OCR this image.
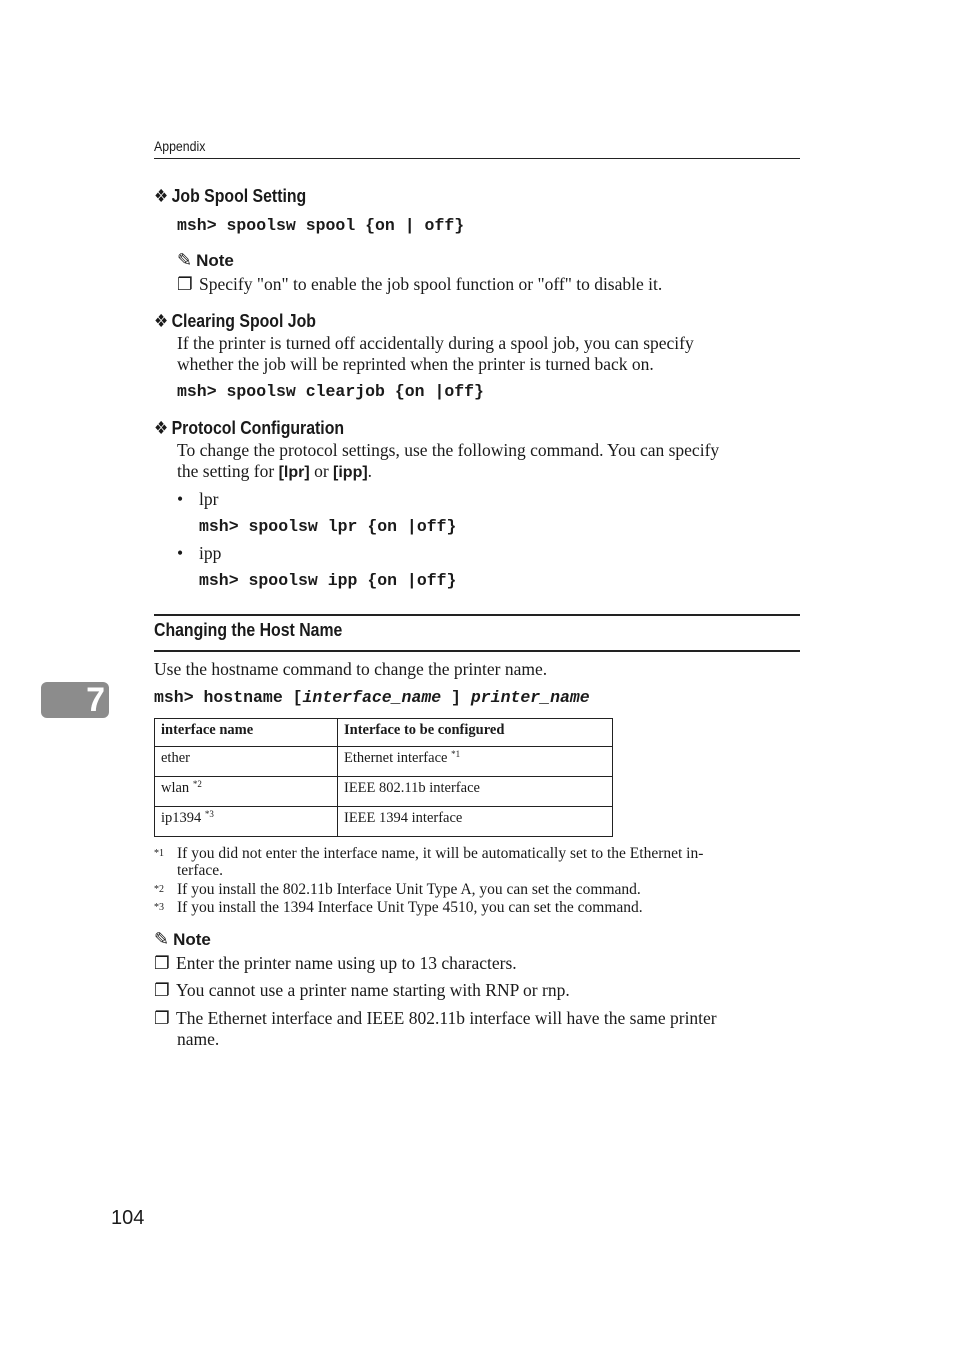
Appendix
❖ Job Spool Setting
msh> spoolsw spool {on | off}
✎ Note
❐ Specify "on" to enable the job spool function or "off" to disable it.
❖ Clearing Spool Job
If the printer is turned off accidentally during a spool job, you can specify
whether the job will be reprinted when the printer is turned back on.
msh> spoolsw clearjob {on |off}
❖ Protocol Configuration
To change the protocol settings, use the following command. You can specify
the setting for [lpr] or [ipp].
• lpr
msh> spoolsw lpr {on |off}
• ipp
msh> spoolsw ipp {on |off}
Changing the Host Name
7
Use the hostname command to change the printer name.
msh> hostname [interface_name ] printer_name
interface name	Interface to be configured
ether	Ethernet interface $^{*1}$
wlan $^{*2}$	IEEE 802.11b interface
ip1394 $^{*3}$	IEEE 1394 interface
*1 If you did not enter the interface name, it will be automatically set to the Ethernet in-
terface.
*2 If you install the 802.11b Interface Unit Type A, you can set the command.
*3 If you install the 1394 Interface Unit Type 4510, you can set the command.
✎ Note
❐ Enter the printer name using up to 13 characters.
❐ You cannot use a printer name starting with RNP or rnp.
❐ The Ethernet interface and IEEE 802.11b interface will have the same printer
name.
104
